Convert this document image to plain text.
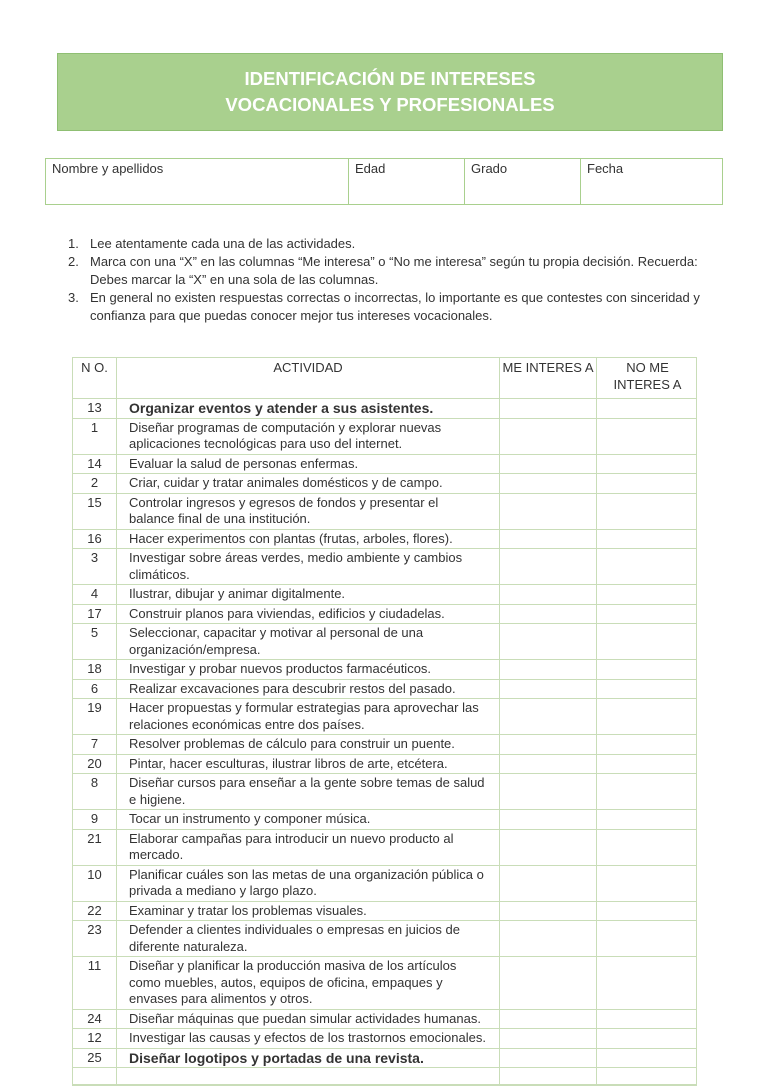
IDENTIFICACIÓN DE INTERESES
VOCACIONALES Y PROFESIONALES
Nombre y apellidos	Edad	Grado	Fecha
1. Lee atentamente cada una de las actividades.
2. Marca con una “X” en las columnas “Me interesa” o “No me interesa” según tu propia decisión. Recuerda: Debes marcar la “X” en una sola de las columnas.
3. En general no existen respuestas correctas o incorrectas, lo importante es que contestes con sinceridad y confianza para que puedas conocer mejor tus intereses vocacionales.
N O.	ACTIVIDAD	ME INTERES A	NO ME INTERES A
13	Organizar eventos y atender a sus asistentes.
1	Diseñar programas de computación y explorar nuevas aplicaciones tecnológicas para uso del internet.
14	Evaluar la salud de personas enfermas.
2	Criar, cuidar y tratar animales domésticos y de campo.
15	Controlar ingresos y egresos de fondos y presentar el balance final de una institución.
16	Hacer experimentos con plantas (frutas, arboles, flores).
3	Investigar sobre áreas verdes, medio ambiente y cambios climáticos.
4	Ilustrar, dibujar y animar digitalmente.
17	Construir planos para viviendas, edificios y ciudadelas.
5	Seleccionar, capacitar y motivar al personal de una organización/empresa.
18	Investigar y probar nuevos productos farmacéuticos.
6	Realizar excavaciones para descubrir restos del pasado.
19	Hacer propuestas y formular estrategias para aprovechar las relaciones económicas entre dos países.
7	Resolver problemas de cálculo para construir un puente.
20	Pintar, hacer esculturas, ilustrar libros de arte, etcétera.
8	Diseñar cursos para enseñar a la gente sobre temas de salud e higiene.
9	Tocar un instrumento y componer música.
21	Elaborar campañas para introducir un nuevo producto al mercado.
10	Planificar cuáles son las metas de una organización pública o privada a mediano y largo plazo.
22	Examinar y tratar los problemas visuales.
23	Defender a clientes individuales o empresas en juicios de diferente naturaleza.
11	Diseñar y planificar la producción masiva de los artículos como muebles, autos, equipos de oficina, empaques y envases para alimentos y otros.
24	Diseñar máquinas que puedan simular actividades humanas.
12	Investigar las causas y efectos de los trastornos emocionales.
25	Diseñar logotipos y portadas de una revista.
